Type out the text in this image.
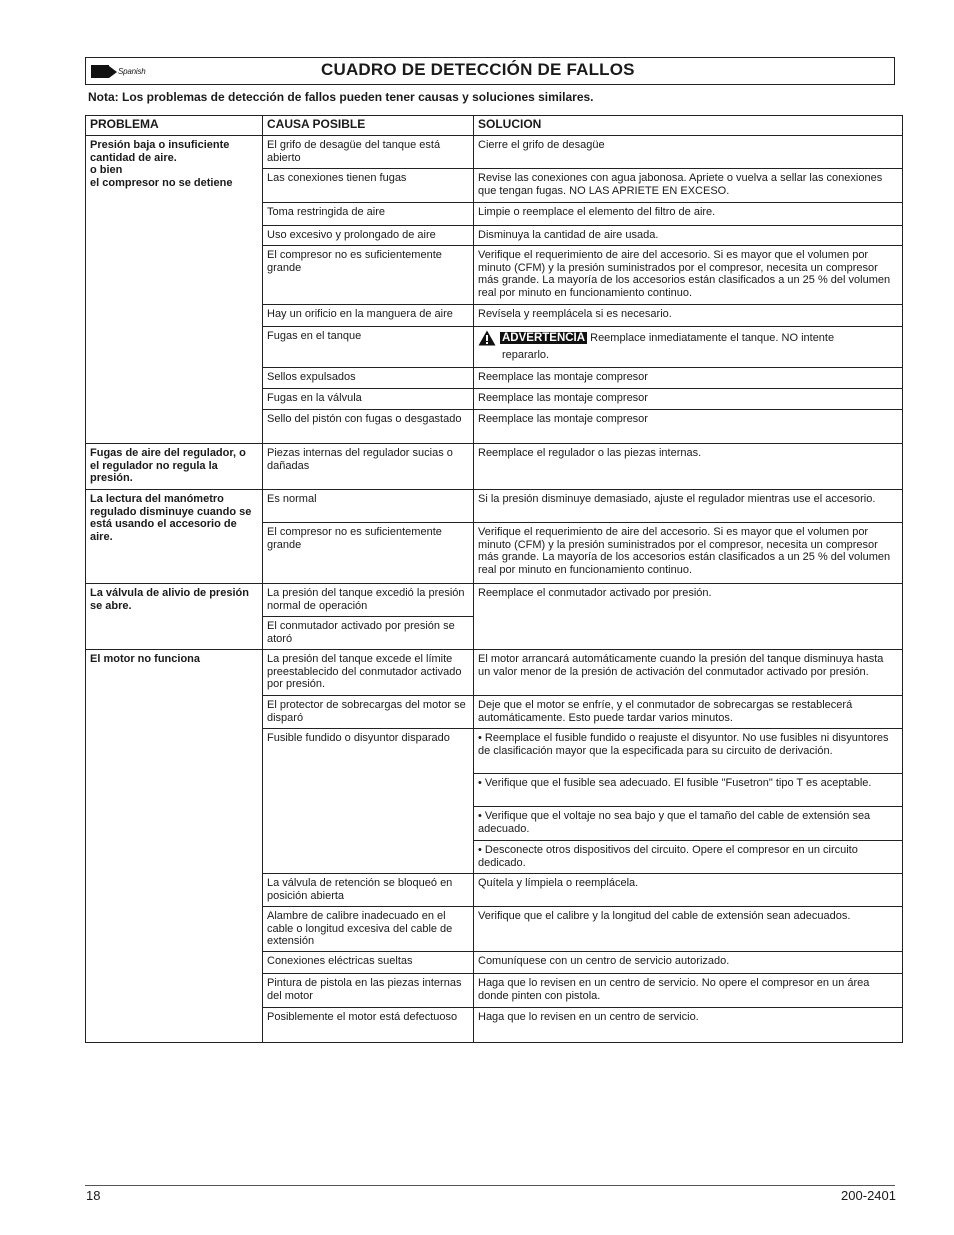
Spanish	CUADRO DE DETECCIÓN DE FALLOS
Nota: Los problemas de detección de fallos pueden tener causas y soluciones similares.
PROBLEMA	CAUSA POSIBLE	SOLUCION
Presión baja o insuficiente cantidad de aire.
o bien
el compresor no se detiene	El grifo de desagüe del tanque está abierto	Cierre el grifo de desagüe
	Las conexiones tienen fugas	Revise las conexiones con agua jabonosa. Apriete o vuelva a sellar las conexiones que tengan fugas. NO LAS APRIETE EN EXCESO.
	Toma restringida de aire	Limpie o reemplace el elemento del filtro de aire.
	Uso excesivo y prolongado de aire	Disminuya la cantidad de aire usada.
	El compresor no es suficientemente grande	Verifique el requerimiento de aire del accesorio. Si es mayor que el volumen por minuto (CFM) y la presión suministrados por el compresor, necesita un compresor más grande. La mayoría de los accesorios están clasificados a un 25 % del volumen real por minuto en funcionamiento continuo.
	Hay un orificio en la manguera de aire	Revísela y reemplácela si es necesario.
	Fugas en el tanque	ADVERTENCIA Reemplace inmediatamente el tanque. NO intente
repararlo.

	Sellos expulsados	Reemplace las montaje compresor
	Fugas en la válvula	Reemplace las montaje compresor
	Sello del pistón con fugas o desgastado	Reemplace las montaje compresor
Fugas de aire del regulador, o el regulador no regula la presión.	Piezas internas del regulador sucias o dañadas	Reemplace el regulador o las piezas internas.
La lectura del manómetro regulado disminuye cuando se está usando el accesorio de aire.	Es normal	Si la presión disminuye demasiado, ajuste el regulador mientras use el accesorio.
	El compresor no es suficientemente grande	Verifique el requerimiento de aire del accesorio. Si es mayor que el volumen por minuto (CFM) y la presión suministrados por el compresor, necesita un compresor más grande. La mayoría de los accesorios están clasificados a un 25 % del volumen real por minuto en funcionamiento continuo.
La válvula de alivio de presión se abre.	La presión del tanque excedió la presión normal de operación	Reemplace el conmutador activado por presión.
	El conmutador activado por presión se atoró	
El motor no funciona	La presión del tanque excede el límite preestablecido del conmutador activado por presión.	El motor arrancará automáticamente cuando la presión del tanque disminuya hasta un valor menor de la presión de activación del conmutador activado por presión.
	El protector de sobrecargas del motor se disparó	Deje que el motor se enfríe, y el conmutador de sobrecargas se restablecerá automáticamente. Esto puede tardar varios minutos.
	Fusible fundido o disyuntor disparado	• Reemplace el fusible fundido o reajuste el disyuntor. No use fusibles ni disyuntores de clasificación mayor que la especificada para su circuito de derivación.
		• Verifique que el fusible sea adecuado. El fusible "Fusetron" tipo T es aceptable.
		• Verifique que el voltaje no sea bajo y que el tamaño del cable de extensión sea adecuado.
		• Desconecte otros dispositivos del circuito. Opere el compresor en un circuito dedicado.
	La válvula de retención se bloqueó en posición abierta	Quítela y límpiela o reemplácela.
	Alambre de calibre inadecuado en el cable o longitud excesiva del cable de extensión	Verifique que el calibre y la longitud del cable de extensión sean adecuados.
	Conexiones eléctricas sueltas	Comuníquese con un centro de servicio autorizado.
	Pintura de pistola en las piezas internas del motor	Haga que lo revisen en un centro de servicio. No opere el compresor en un área donde pinten con pistola.
	Posiblemente el motor está defectuoso	Haga que lo revisen en un centro de servicio.
18	200-2401
